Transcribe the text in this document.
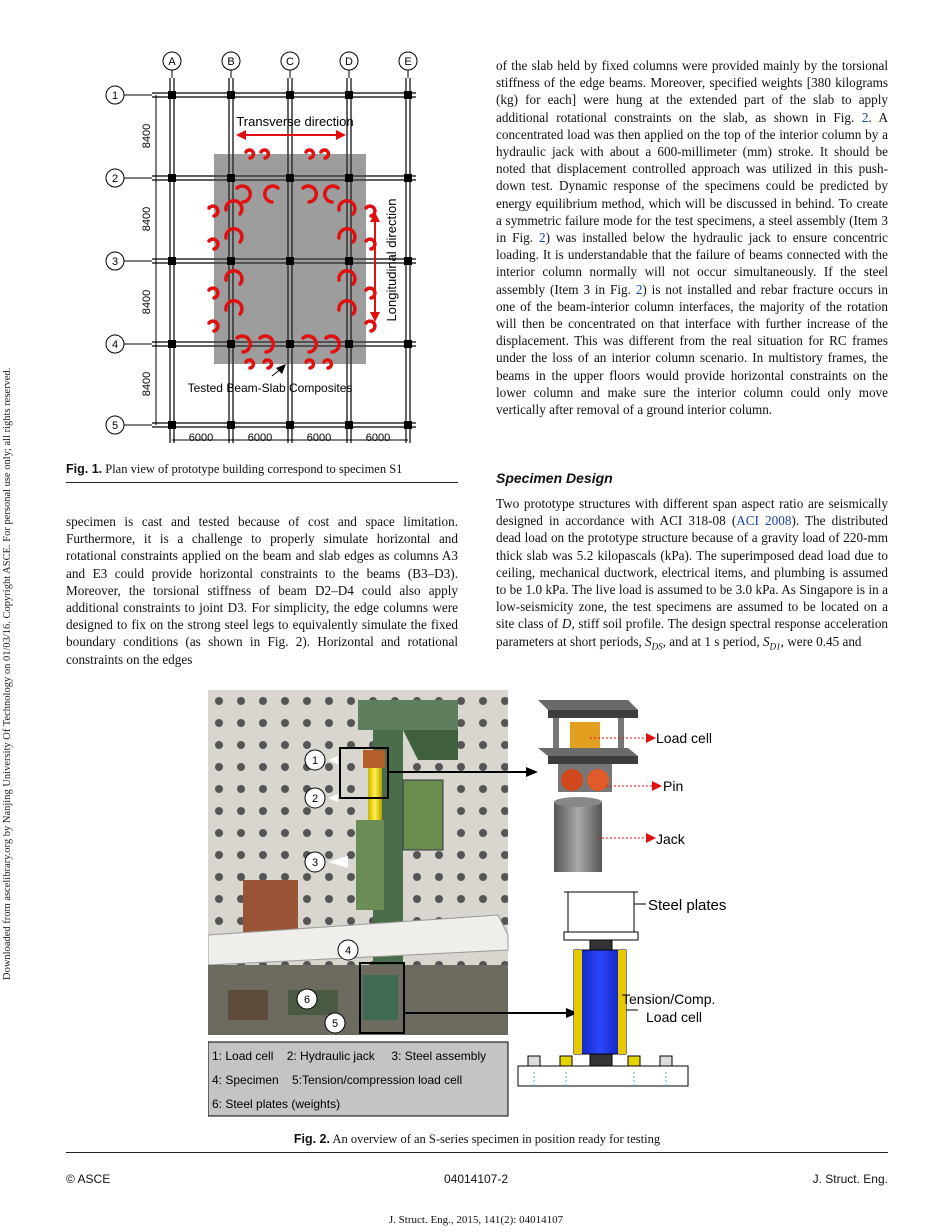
Downloaded from ascelibrary.org by Nanjing University Of Technology on 01/03/16. Copyright ASCE. For personal use only; all rights reserved.
A	B	C	D	E
1
2
3
4
5
8400
8400
8400
8400
6000	6000	6000	6000
Transverse direction
Longitudinal direction
Tested Beam-Slab Composites
Fig. 1. Plan view of prototype building correspond to specimen S1

specimen is cast and tested because of cost and space limitation. Furthermore, it is a challenge to properly simulate horizontal and rotational constraints applied on the beam and slab edges as columns A3 and E3 could provide horizontal constraints to the beams (B3–D3). Moreover, the torsional stiffness of beam D2–D4 could also apply additional constraints to joint D3. For simplicity, the edge columns were designed to fix on the strong steel legs to equivalently simulate the fixed boundary conditions (as shown in Fig. 2). Horizontal and rotational constraints on the edges

of the slab held by fixed columns were provided mainly by the torsional stiffness of the edge beams. Moreover, specified weights [380 kilograms (kg) for each] were hung at the extended part of the slab to apply additional rotational constraints on the slab, as shown in Fig. 2. A concentrated load was then applied on the top of the interior column by a hydraulic jack with about a 600-millimeter (mm) stroke. It should be noted that displacement controlled approach was utilized in this push-down test. Dynamic response of the specimens could be predicted by energy equilibrium method, which will be discussed in behind. To create a symmetric failure mode for the test specimens, a steel assembly (Item 3 in Fig. 2) was installed below the hydraulic jack to ensure concentric loading. It is understandable that the failure of beams connected with the interior column normally will not occur simultaneously. If the steel assembly (Item 3 in Fig. 2) is not installed and rebar fracture occurs in one of the beam-interior column interfaces, the majority of the rotation will then be concentrated on that interface with further increase of the displacement. This was different from the real situation for RC frames under the loss of an interior column scenario. In multistory frames, the beams in the upper floors would provide horizontal constraints on the lower column and make sure the interior column could only move vertically after removal of a ground interior column.

Specimen Design

Two prototype structures with different span aspect ratio are seismically designed in accordance with ACI 318-08 (ACI 2008). The distributed dead load on the prototype structure because of a gravity load of 220-mm thick slab was 5.2 kilopascals (kPa). The superimposed dead load due to ceiling, mechanical ductwork, electrical items, and plumbing is assumed to be 1.0 kPa. The live load is assumed to be 3.0 kPa. As Singapore is in a low-seismicity zone, the test specimens are assumed to be located on a site class of D, stiff soil profile. The design spectral response acceleration parameters at short periods, $S_{DS}$, and at 1 s period, $S_{D1}$, were 0.45 and

1
2
3
4
5
6
1: Load cell    2: Hydraulic jack     3: Steel assembly
4: Specimen    5:Tension/compression load cell
6: Steel plates (weights)
Load cell
Pin
Jack
Steel plates
Tension/Comp.
Load cell
Fig. 2. An overview of an S-series specimen in position ready for testing
© ASCE	04014107-2	J. Struct. Eng.
J. Struct. Eng., 2015, 141(2): 04014107
